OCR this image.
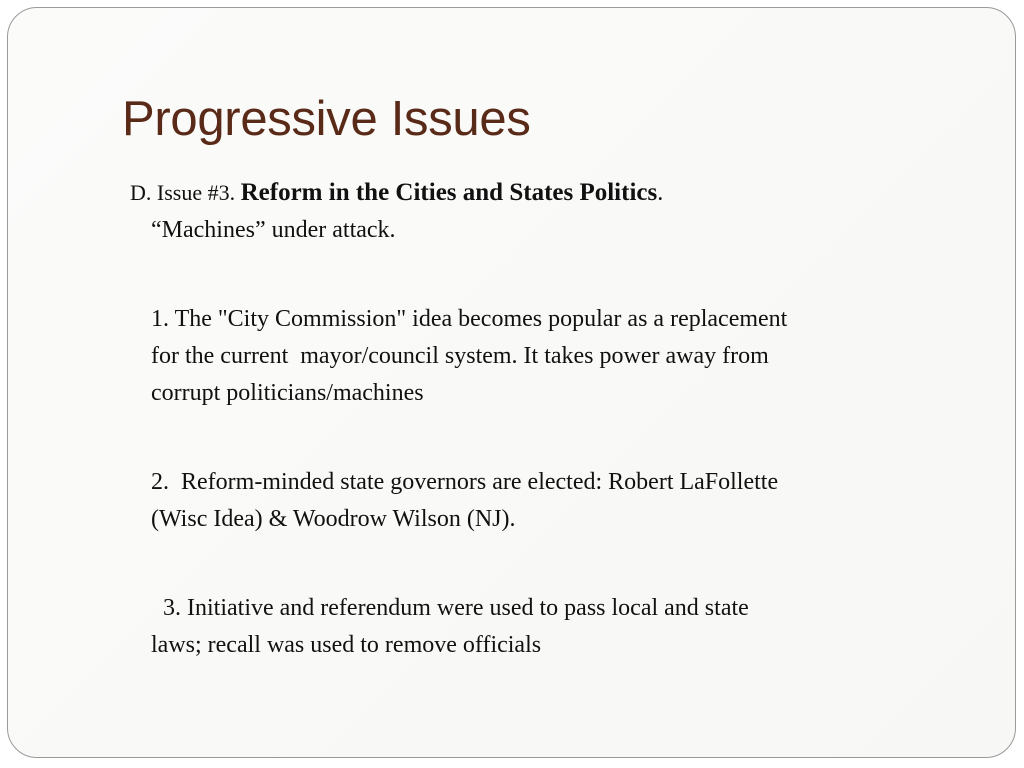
Progressive Issues

D. Issue #3. Reform in the Cities and States Politics.

“Machines” under attack.

1. The "City Commission" idea becomes popular as a replacement
for the current  mayor/council system. It takes power away from
corrupt politicians/machines
2.  Reform-minded state governors are elected: Robert LaFollette
(Wisc Idea) & Woodrow Wilson (NJ).
3. Initiative and referendum were used to pass local and state
laws; recall was used to remove officials
